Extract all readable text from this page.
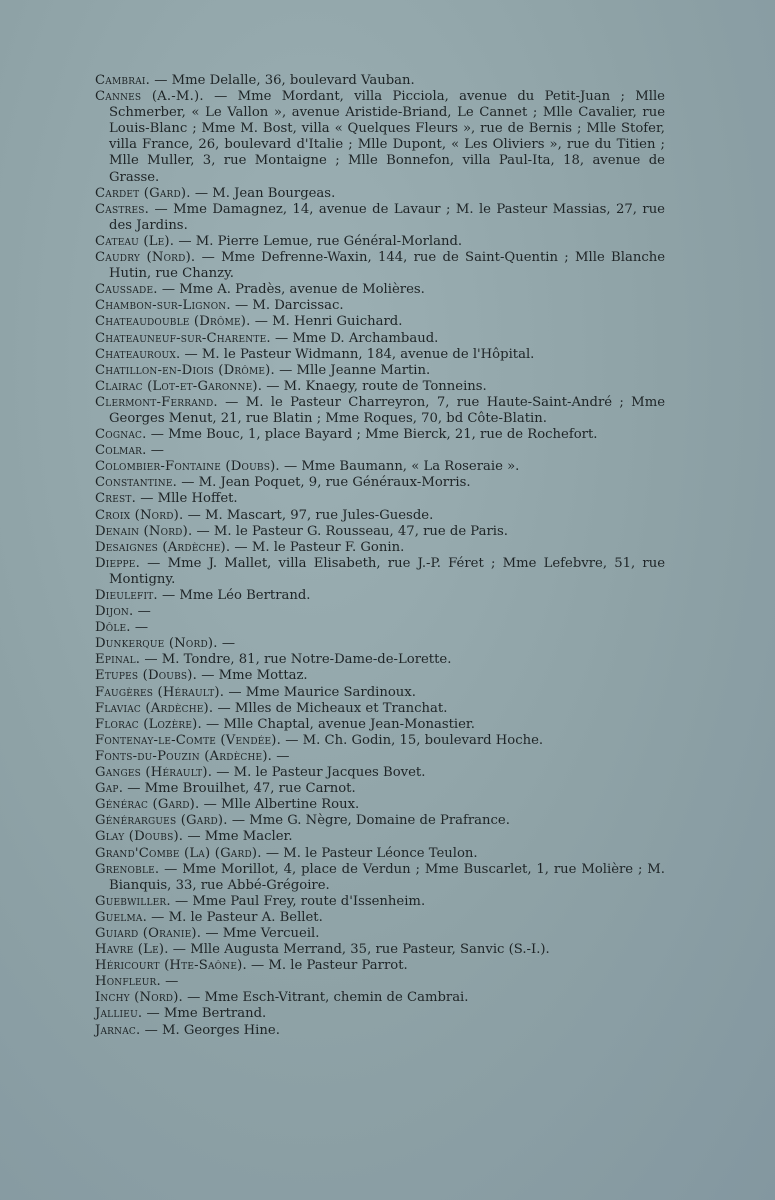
Cambrai. — Mme Delalle, 36, boulevard Vauban.

Cannes (A.-M.). —	Mme Mordant, villa Picciola, avenue du Petit-Juan ; Mlle Schmerber, « Le Vallon », avenue Aristide-Briand, Le Cannet ; Mlle Cavalier, rue Louis-Blanc ; Mme M. Bost, villa « Quelques Fleurs », rue de Bernis ; Mlle Stofer, villa France, 26, boulevard d'Italie ; Mlle Dupont, « Les Oliviers », rue du Titien ; Mlle Muller, 3, rue Montaigne ; Mlle Bonnefon, villa Paul-Ita, 18, avenue de Grasse.

Cardet (Gard). — M. Jean Bourgeas.

Castres. — Mme Damagnez, 14, avenue de Lavaur ; M. le Pasteur Massias, 27, rue des Jardins.

Cateau (Le). — M. Pierre Lemue, rue Général-Morland.

Caudry (Nord). — Mme Defrenne-Waxin, 144, rue de Saint-Quentin ; Mlle Blanche Hutin, rue Chanzy.

Caussade. — Mme A. Pradès, avenue de Molières.

Chambon-sur-Lignon. — M. Darcissac.

Chateaudouble (Drôme). — M. Henri Guichard.

Chateauneuf-sur-Charente. — Mme D. Archambaud.

Chateauroux. — M. le Pasteur Widmann, 184, avenue de l'Hôpital.

Chatillon-en-Diois (Drôme). — Mlle Jeanne Martin.

Clairac (Lot-et-Garonne). — M. Knaegy, route de Tonneins.

Clermont-Ferrand. — M. le Pasteur Charreyron, 7, rue Haute-Saint-André ; Mme Georges Menut, 21, rue Blatin ; Mme Roques, 70, bd Côte-Blatin.

Cognac. — Mme Bouc, 1, place Bayard ; Mme Bierck, 21, rue de Rochefort.

Colmar.—

Colombier-Fontaine (Doubs). — Mme Baumann, « La Roseraie ».

Constantine. — M. Jean Poquet, 9, rue Généraux-Morris.

Crest. — Mlle Hoffet.

Croix (Nord). — M. Mascart, 97, rue Jules-Guesde.

Denain (Nord). — M. le Pasteur G. Rousseau, 47, rue de Paris.

Desaignes (Ardèche). — M. le Pasteur F. Gonin.

Dieppe. — Mme J. Mallet, villa Elisabeth, rue J.-P. Féret ; Mme Lefebvre, 51, rue Montigny.

Dieulefit. — Mme Léo Bertrand.

Dijon.—

Dôle.—

Dunkerque (Nord).—

Epinal. — M. Tondre, 81, rue Notre-Dame-de-Lorette.

Etupes (Doubs). — Mme Mottaz.

Faugères (Hérault). — Mme Maurice Sardinoux.

Flaviac (Ardèche). — Mlles de Micheaux et Tranchat.

Florac (Lozère). — Mlle Chaptal, avenue Jean-Monastier.

Fontenay-le-Comte (Vendée). — M. Ch. Godin, 15, boulevard Hoche.

Fonts-du-Pouzin (Ardèche).—

Ganges (Hérault). — M. le Pasteur Jacques Bovet.

Gap. — Mme Brouilhet, 47, rue Carnot.

Générac (Gard). — Mlle Albertine Roux.

Générargues (Gard). — Mme G. Nègre, Domaine de Prafrance.

Glay (Doubs). — Mme Macler.

Grand'Combe (La) (Gard). — M. le Pasteur Léonce Teulon.

Grenoble. — Mme Morillot, 4, place de Verdun ; Mme Buscarlet, 1, rue Molière ; M. Bianquis, 33, rue Abbé-Grégoire.

Guebwiller. — Mme Paul Frey, route d'Issenheim.

Guelma. — M. le Pasteur A. Bellet.

Guiard (Oranie). — Mme Vercueil.

Havre (Le). — Mlle Augusta Merrand, 35, rue Pasteur, Sanvic (S.-I.).

Héricourt (Hte-Saône). — M. le Pasteur Parrot.

Honfleur.—

Inchy (Nord). — Mme Esch-Vitrant, chemin de Cambrai.

Jallieu. — Mme Bertrand.

Jarnac. — M. Georges Hine.
